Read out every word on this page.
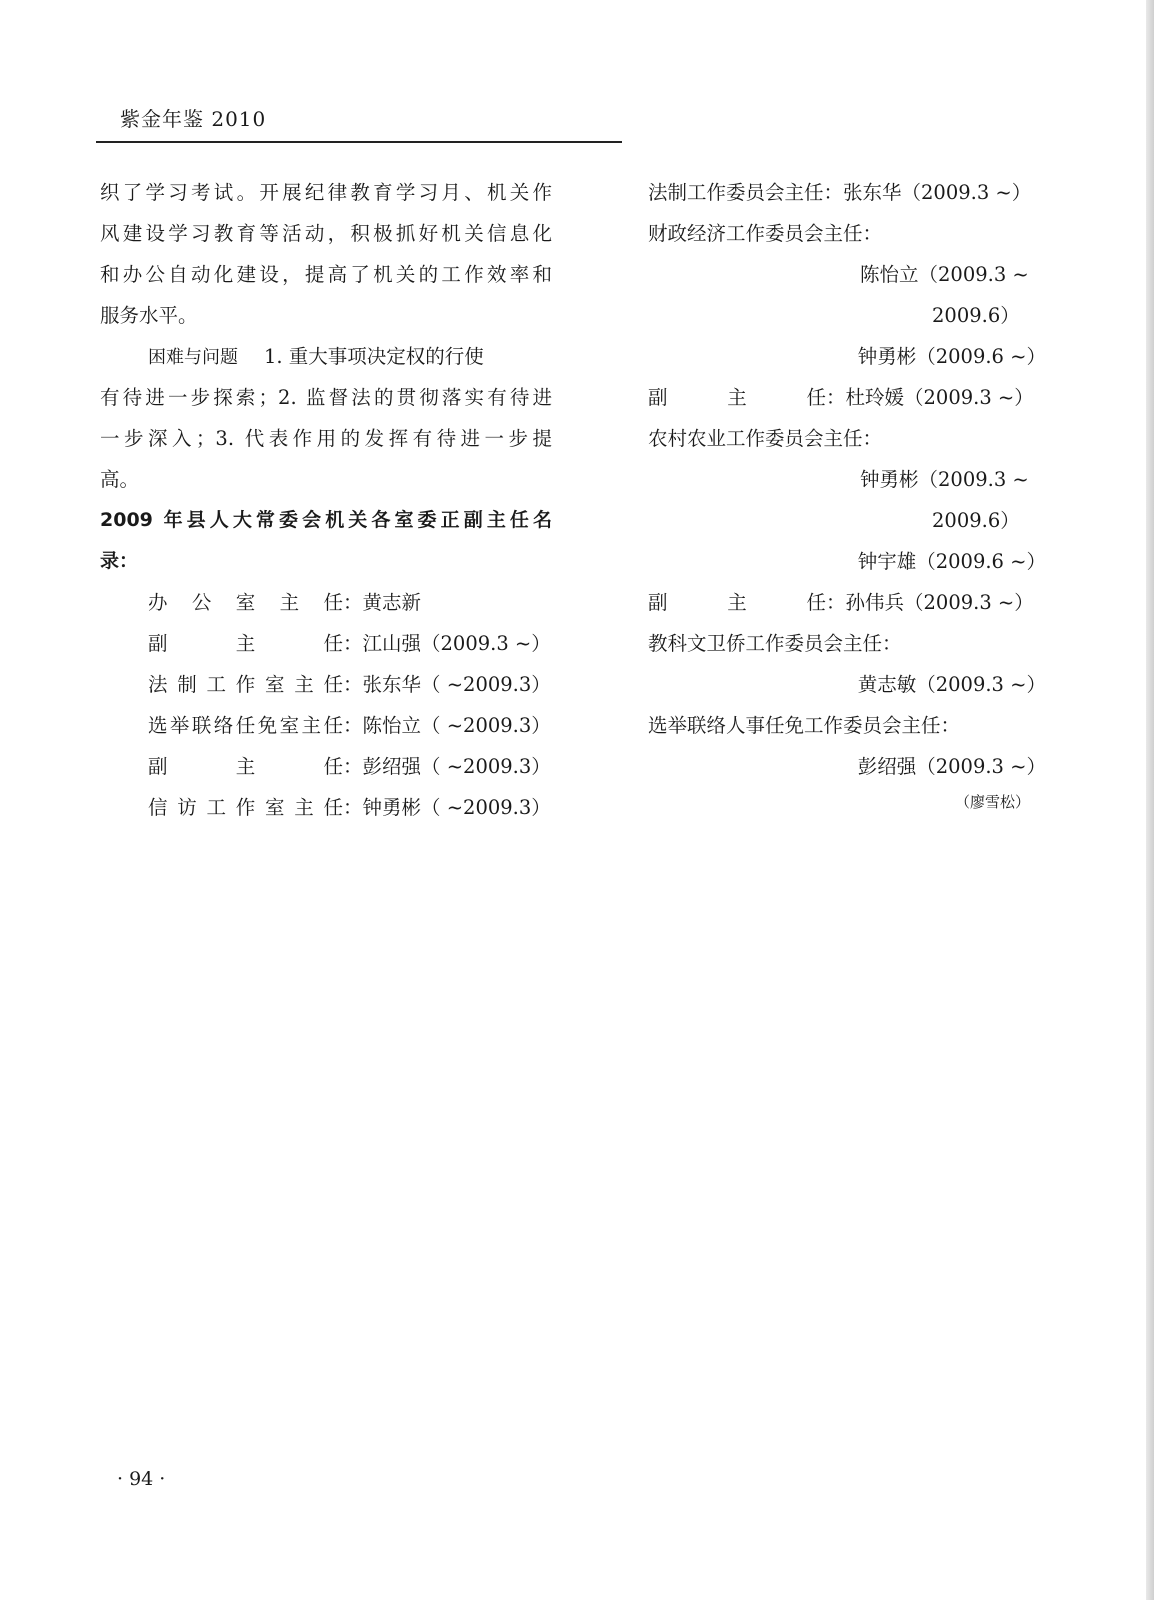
紫金年鉴 2010
织了学习考试。开展纪律教育学习月、机关作
风建设学习教育等活动，积极抓好机关信息化
和办公自动化建设，提高了机关的工作效率和
服务水平。
困难与问题 1. 重大事项决定权的行使
有待进一步探索；2. 监督法的贯彻落实有待进
一步深入；3. 代表作用的发挥有待进一步提
高。
2009 年县人大常委会机关各室委正副主任名
录：
办公室主任 ：黄志新
副主任 ：江山强（2009.3 ~）
法制工作室主任 ：张东华（ ~2009.3）
选举联络任免室主任 ：陈怡立（ ~2009.3）
副主任 ：彭绍强（ ~2009.3）
信访工作室主任 ：钟勇彬（ ~2009.3）
法制工作委员会主任：张东华（2009.3 ~）
财政经济工作委员会主任：
陈怡立（2009.3 ~
2009.6）
钟勇彬（2009.6 ~）
副主任 ：杜玲媛（2009.3 ~）
农村农业工作委员会主任：
钟勇彬（2009.3 ~
2009.6）
钟宇雄（2009.6 ~）
副主任 ：孙伟兵（2009.3 ~）
教科文卫侨工作委员会主任：
黄志敏（2009.3 ~）
选举联络人事任免工作委员会主任：
彭绍强（2009.3 ~）
（廖雪松）
· 94 ·
